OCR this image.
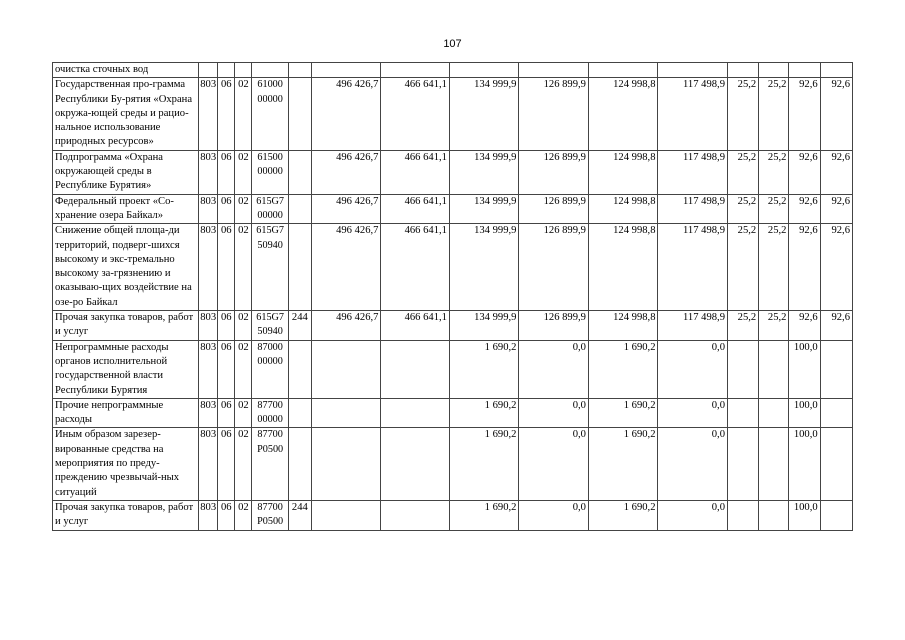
107
очистка сточных вод															
Государственная про-грамма Республики Бу-рятия «Охрана окружа-ющей среды и рацио-нальное использование природных ресурсов»	803	06	02	61000 00000		496 426,7	466 641,1	134 999,9	126 899,9	124 998,8	117 498,9	25,2	25,2	92,6	92,6
Подпрограмма «Охрана окружающей среды в Республике Бурятия»	803	06	02	61500 00000		496 426,7	466 641,1	134 999,9	126 899,9	124 998,8	117 498,9	25,2	25,2	92,6	92,6
Федеральный проект «Со-хранение озера Байкал»	803	06	02	615G7 00000		496 426,7	466 641,1	134 999,9	126 899,9	124 998,8	117 498,9	25,2	25,2	92,6	92,6
Снижение общей площа-ди территорий, подверг-шихся высокому и экс-тремально высокому за-грязнению и оказываю-щих воздействие на озе-ро Байкал	803	06	02	615G7 50940		496 426,7	466 641,1	134 999,9	126 899,9	124 998,8	117 498,9	25,2	25,2	92,6	92,6
Прочая закупка товаров, работ и услуг	803	06	02	615G7 50940	244	496 426,7	466 641,1	134 999,9	126 899,9	124 998,8	117 498,9	25,2	25,2	92,6	92,6
Непрограммные расходы органов исполнительной государственной власти Республики Бурятия	803	06	02	87000 00000				1 690,2	0,0	1 690,2	0,0			100,0	
Прочие непрограммные расходы	803	06	02	87700 00000				1 690,2	0,0	1 690,2	0,0			100,0	
Иным образом зарезер-вированные средства на мероприятия по преду-преждению чрезвычай-ных ситуаций	803	06	02	87700 P0500				1 690,2	0,0	1 690,2	0,0			100,0	
Прочая закупка товаров, работ и услуг	803	06	02	87700 P0500	244			1 690,2	0,0	1 690,2	0,0			100,0	
